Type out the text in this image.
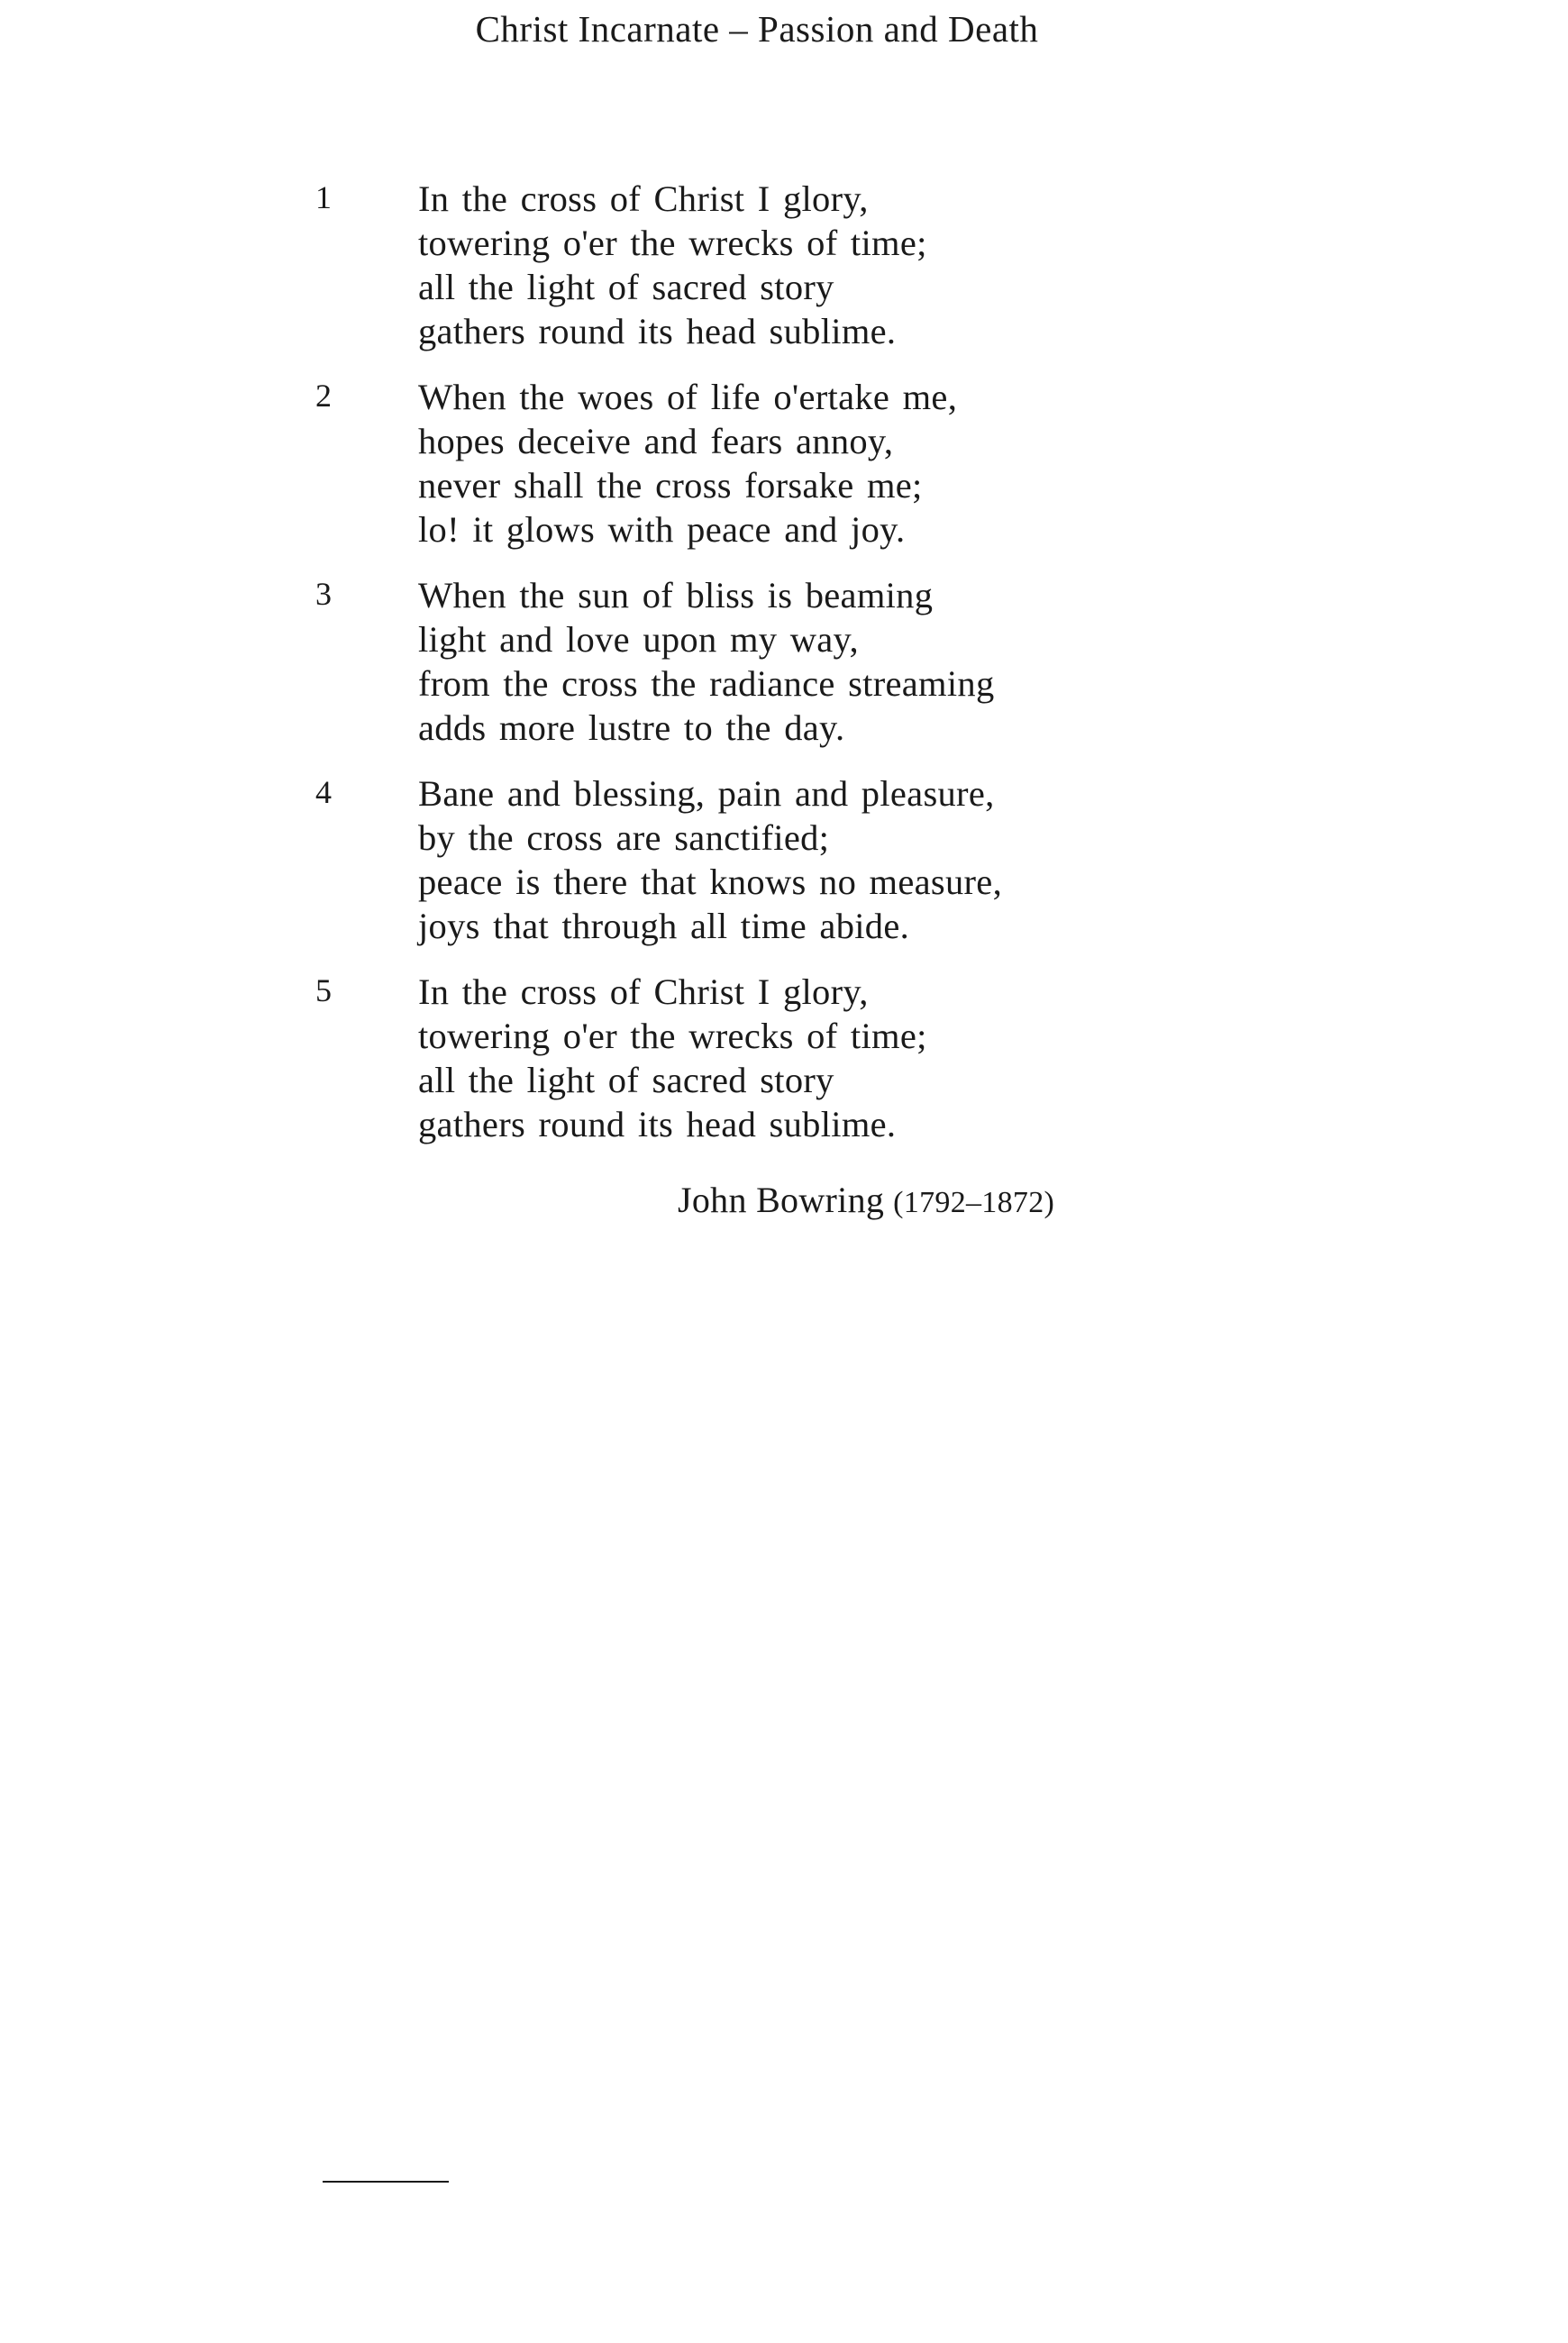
Christ Incarnate – Passion and Death
1	In the cross of Christ I glory,
towering o'er the wrecks of time;
all the light of sacred story
gathers round its head sublime.
2	When the woes of life o'ertake me,
hopes deceive and fears annoy,
never shall the cross forsake me;
lo! it glows with peace and joy.
3	When the sun of bliss is beaming
light and love upon my way,
from the cross the radiance streaming
adds more lustre to the day.
4	Bane and blessing, pain and pleasure,
by the cross are sanctified;
peace is there that knows no measure,
joys that through all time abide.
5	In the cross of Christ I glory,
towering o'er the wrecks of time;
all the light of sacred story
gathers round its head sublime.
John Bowring (1792–1872)
